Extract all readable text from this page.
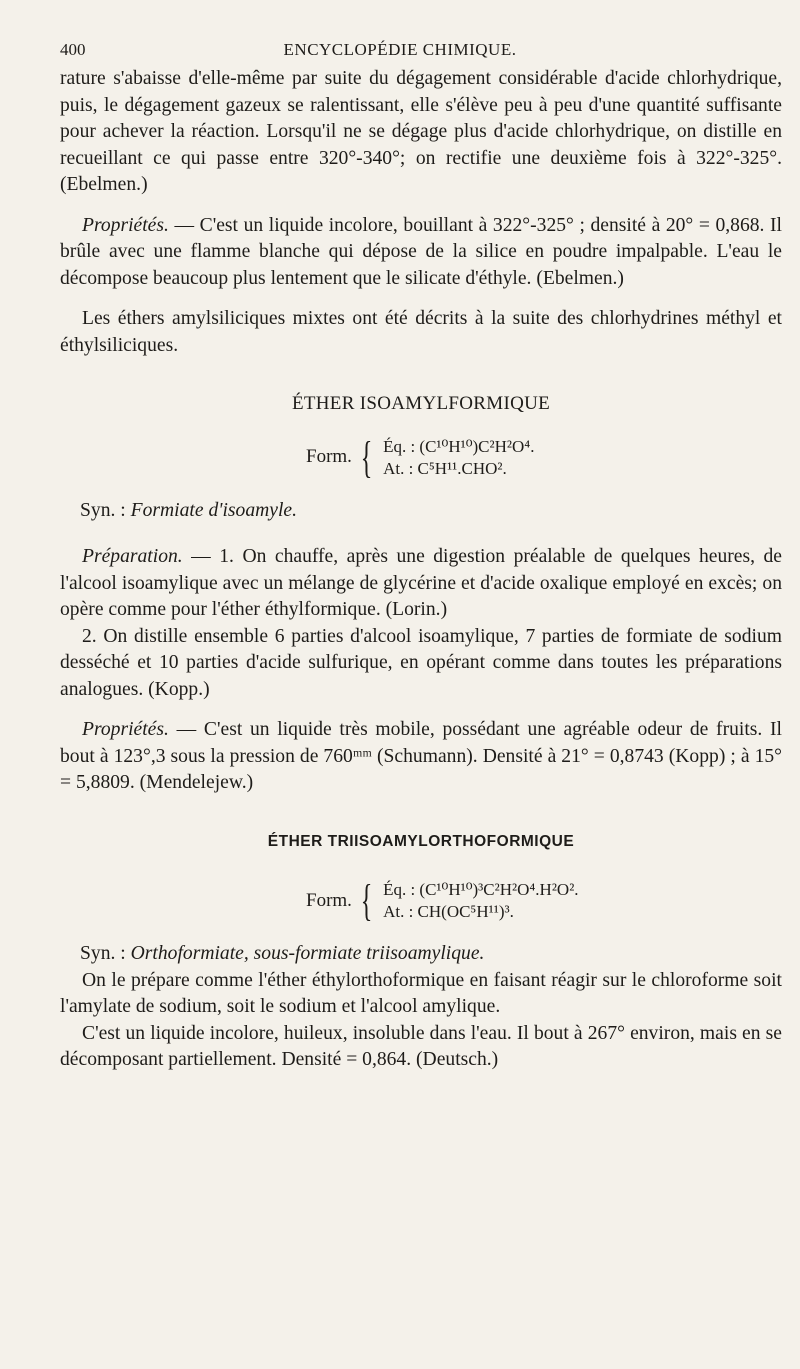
400	ENCYCLOPÉDIE CHIMIQUE.

rature s'abaisse d'elle-même par suite du dégagement considérable d'acide chlorhydrique, puis, le dégagement gazeux se ralentissant, elle s'élève peu à peu d'une quantité suffisante pour achever la réaction. Lorsqu'il ne se dégage plus d'acide chlorhydrique, on distille en recueillant ce qui passe entre 320°-340°; on rectifie une deuxième fois à 322°-325°. (Ebelmen.)

Propriétés. — C'est un liquide incolore, bouillant à 322°-325° ; densité à 20° = 0,868. Il brûle avec une flamme blanche qui dépose de la silice en poudre impalpable. L'eau le décompose beaucoup plus lentement que le silicate d'éthyle. (Ebelmen.)

Les éthers amylsiliciques mixtes ont été décrits à la suite des chlorhydrines méthyl et éthylsiliciques.

ÉTHER ISOAMYLFORMIQUE

Form. { Éq. : (C¹⁰H¹⁰)C²H²O⁴.
At. : C⁵H¹¹.CHO².

Syn. : Formiate d'isoamyle.

Préparation. — 1. On chauffe, après une digestion préalable de quelques heures, de l'alcool isoamylique avec un mélange de glycérine et d'acide oxalique employé en excès; on opère comme pour l'éther éthylformique. (Lorin.)

2. On distille ensemble 6 parties d'alcool isoamylique, 7 parties de formiate de sodium desséché et 10 parties d'acide sulfurique, en opérant comme dans toutes les préparations analogues. (Kopp.)

Propriétés. — C'est un liquide très mobile, possédant une agréable odeur de fruits. Il bout à 123°,3 sous la pression de 760ᵐᵐ (Schumann). Densité à 21° = 0,8743 (Kopp) ; à 15° = 5,8809. (Mendelejew.)

ÉTHER TRIISOAMYLORTHOFORMIQUE

Form. { Éq. : (C¹⁰H¹⁰)³C²H²O⁴.H²O².
At. : CH(OC⁵H¹¹)³.

Syn. : Orthoformiate, sous-formiate triisoamylique.

On le prépare comme l'éther éthylorthoformique en faisant réagir sur le chloroforme soit l'amylate de sodium, soit le sodium et l'alcool amylique.

C'est un liquide incolore, huileux, insoluble dans l'eau. Il bout à 267° environ, mais en se décomposant partiellement. Densité = 0,864. (Deutsch.)
